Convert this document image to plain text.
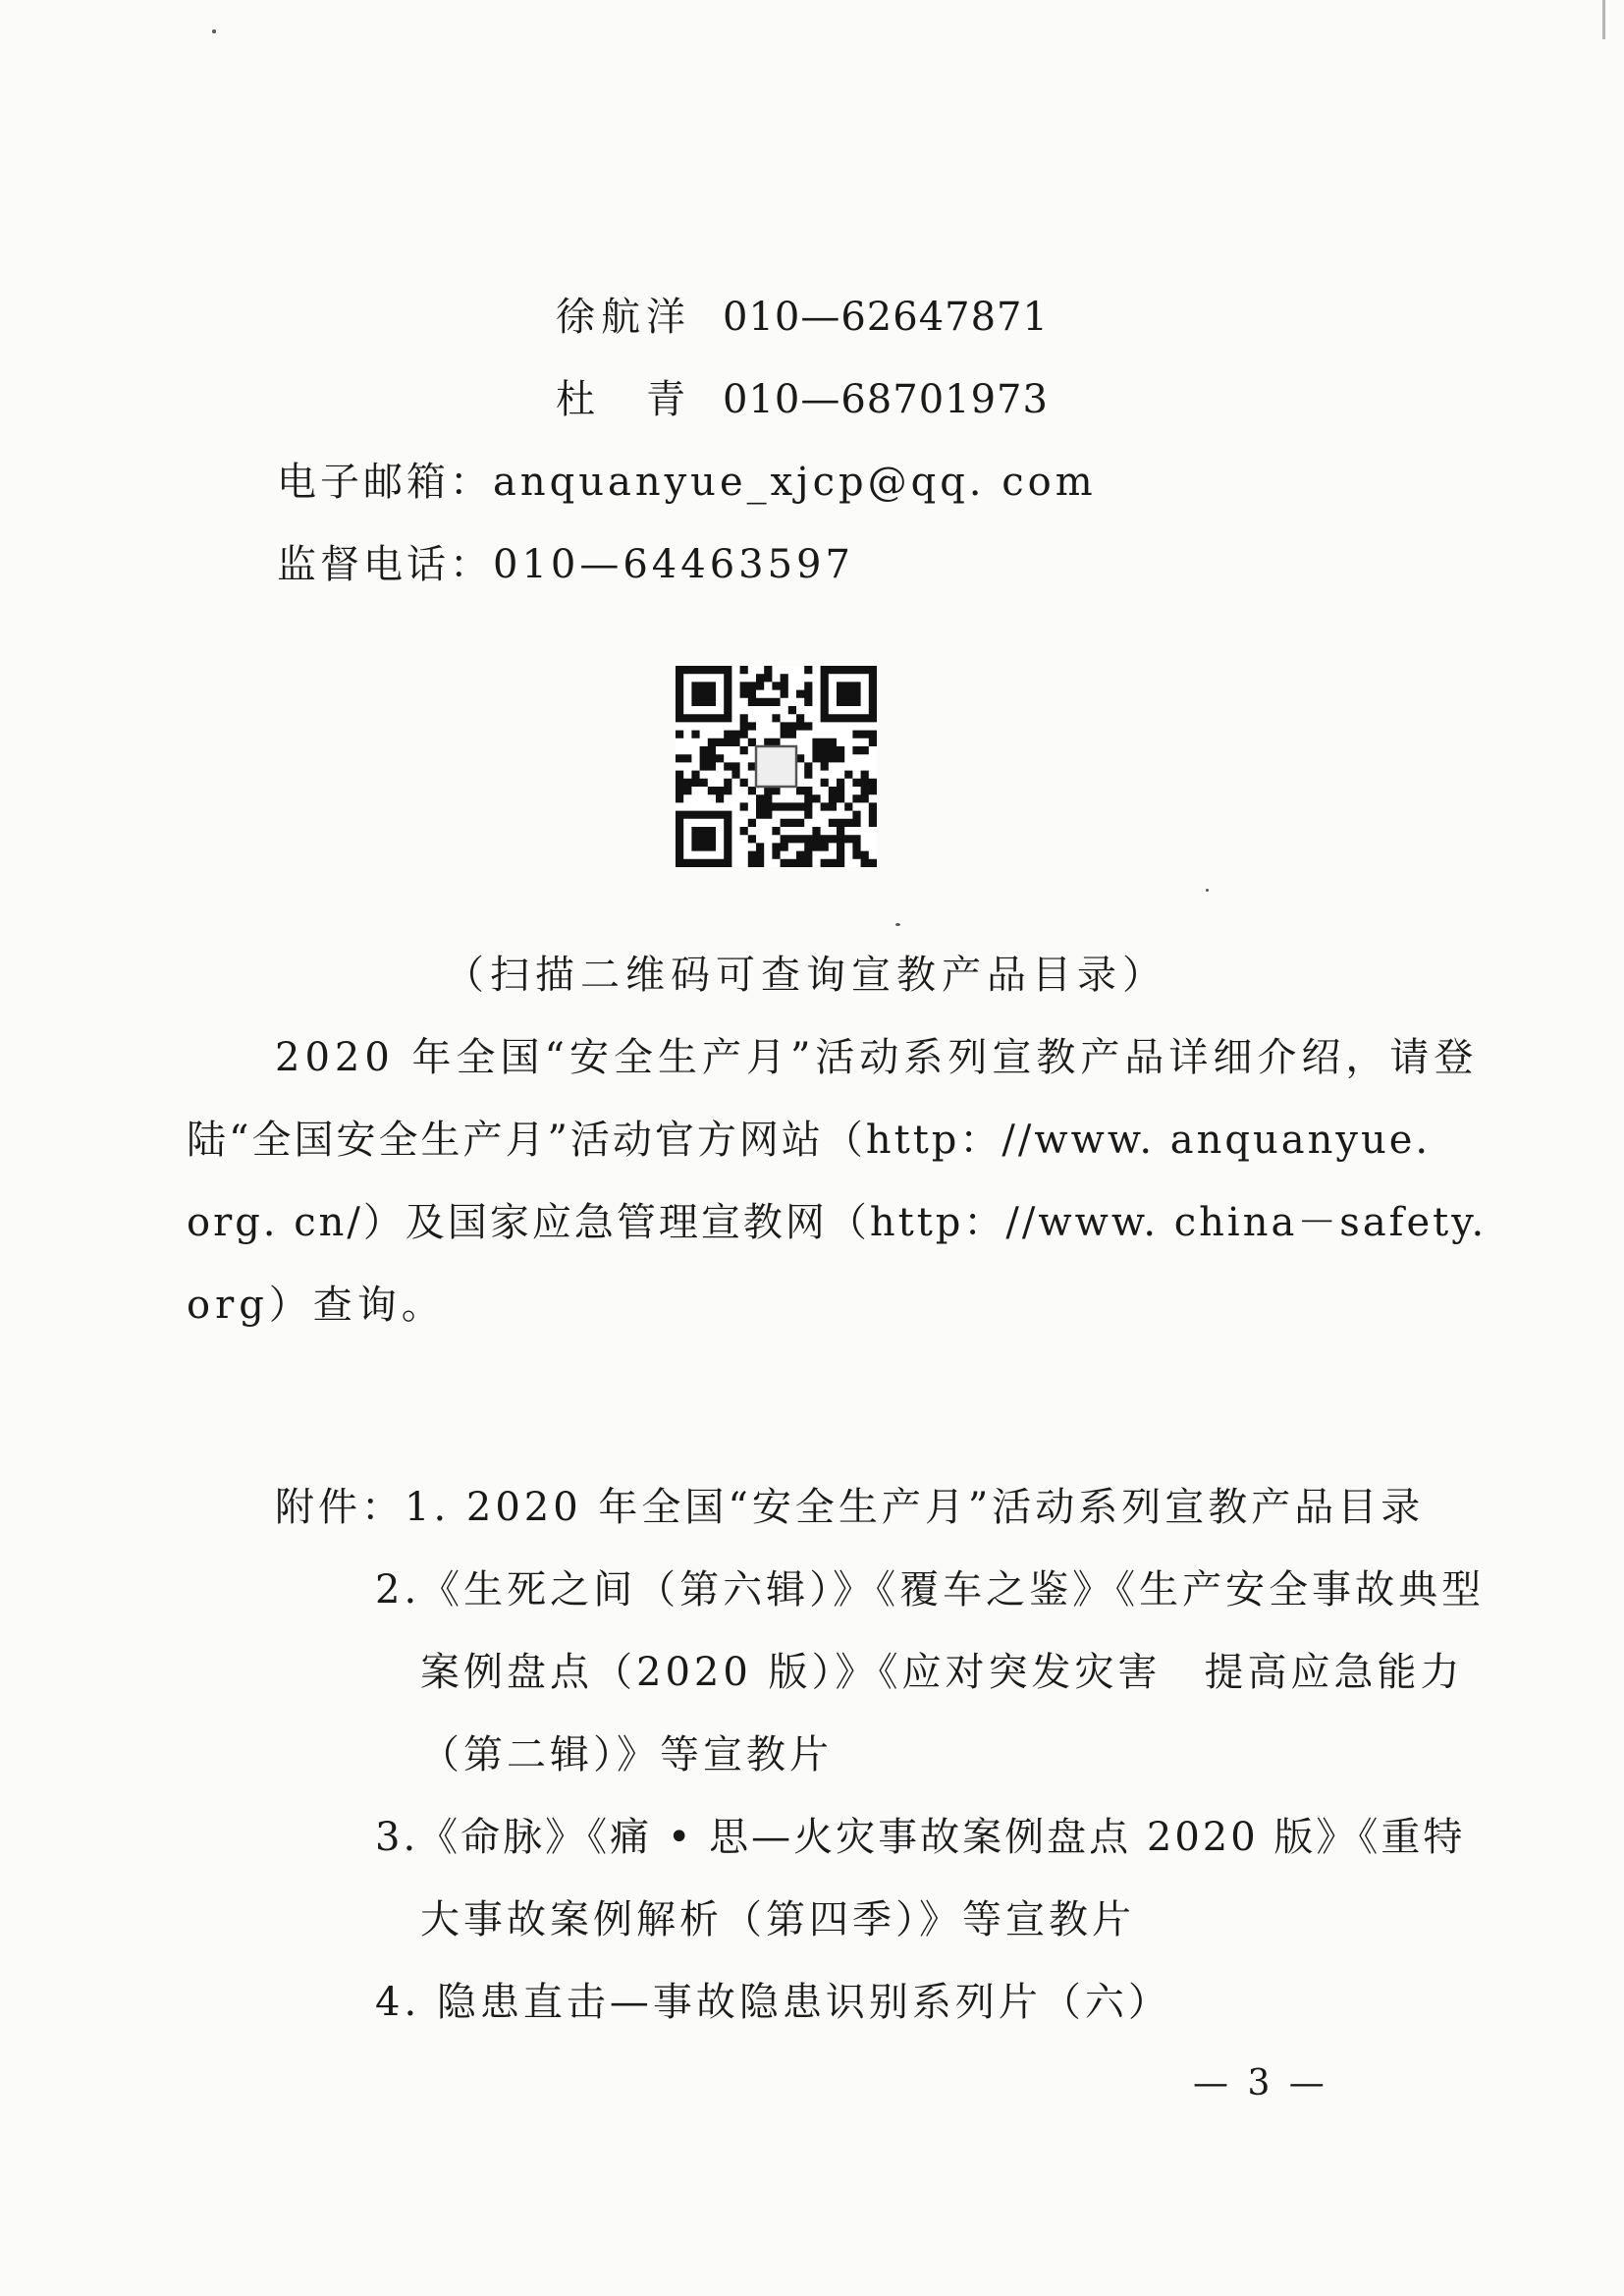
徐航洋 010—62647871
杜　青 010—68701973
电子邮箱：anquanyue_xjcp@qq. com
监督电话：010—64463597
（扫描二维码可查询宣教产品目录）
　　2020 年全国“安全生产月”活动系列宣教产品详细介绍，请登
陆“全国安全生产月”活动官方网站（http：//www. anquanyue.
org. cn/）及国家应急管理宣教网（http：//www. china－safety.
org）查询。
附件：1. 2020 年全国“安全生产月”活动系列宣教产品目录
2.《生死之间（第六辑）》《覆车之鉴》《生产安全事故典型
案例盘点（2020 版）》《应对突发灾害　提高应急能力
（第二辑）》等宣教片
3.《命脉》《痛 • 思—火灾事故案例盘点 2020 版》《重特
大事故案例解析（第四季）》等宣教片
4. 隐患直击—事故隐患识别系列片（六）
— 3 —
